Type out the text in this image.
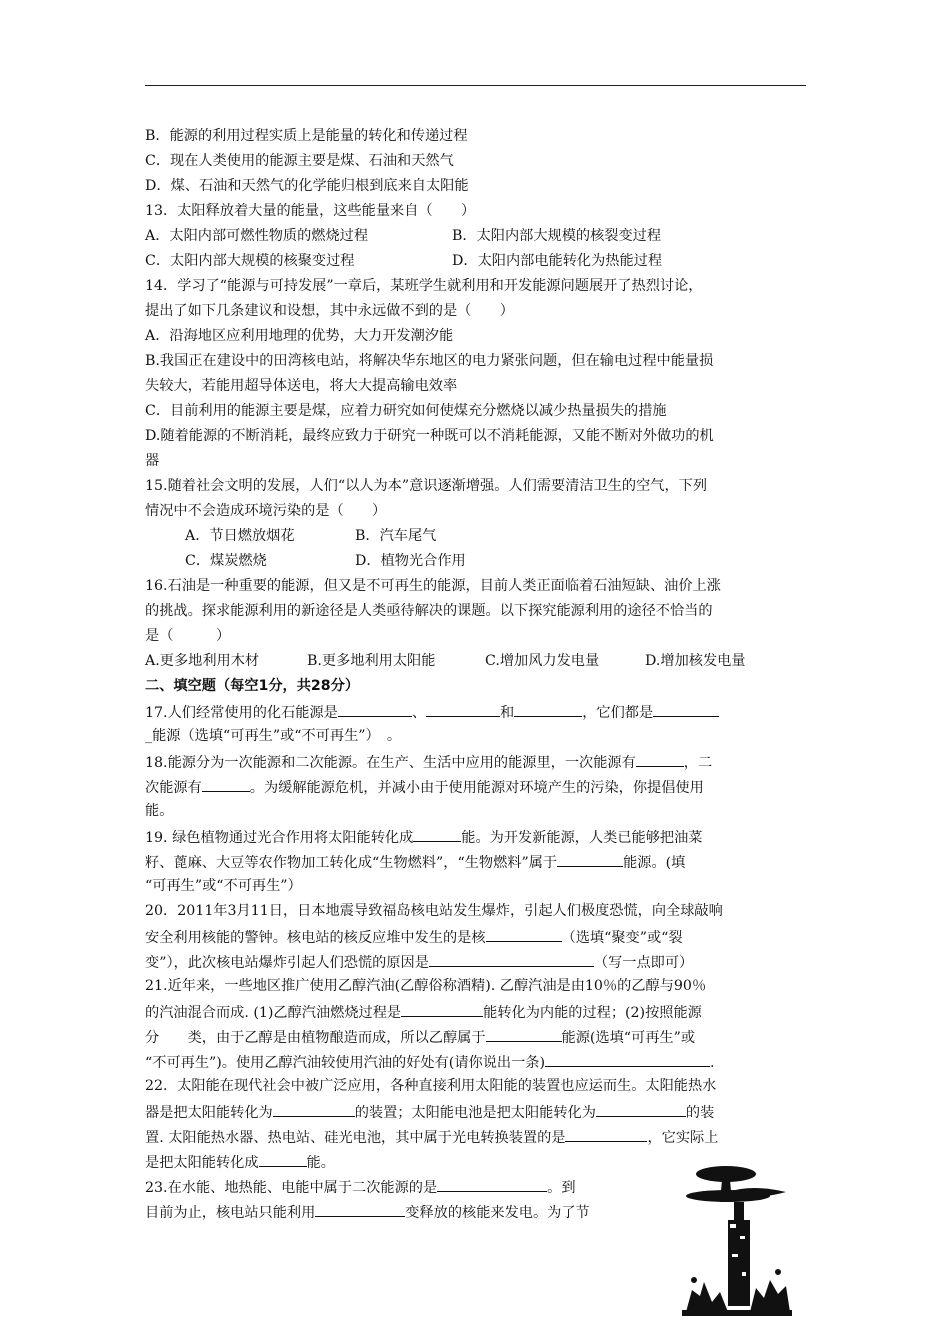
B．能源的利用过程实质上是能量的转化和传递过程
C．现在人类使用的能源主要是煤、石油和天然气
D．煤、石油和天然气的化学能归根到底来自太阳能
13．太阳释放着大量的能量，这些能量来自（　　）
A．太阳内部可燃性物质的燃烧过程	B．太阳内部大规模的核裂变过程
C．太阳内部大规模的核聚变过程	D．太阳内部电能转化为热能过程
14．学习了“能源与可持发展”一章后，某班学生就利用和开发能源问题展开了热烈讨论，
提出了如下几条建议和设想，其中永远做不到的是（　　）
A．沿海地区应利用地理的优势，大力开发潮汐能
B.我国正在建设中的田湾核电站，将解决华东地区的电力紧张问题，但在输电过程中能量损
失较大，若能用超导体送电，将大大提高输电效率
C．目前利用的能源主要是煤，应着力研究如何使煤充分燃烧以减少热量损失的措施
D.随着能源的不断消耗，最终应致力于研究一种既可以不消耗能源，又能不断对外做功的机
器
15.随着社会文明的发展，人们“以人为本”意识逐渐增强。人们需要清洁卫生的空气，下列
情况中不会造成环境污染的是（　　）
A．节日燃放烟花	B．汽车尾气
C．煤炭燃烧	D．植物光合作用
16.石油是一种重要的能源，但又是不可再生的能源，目前人类正面临着石油短缺、油价上涨
的挑战。探求能源利用的新途径是人类亟待解决的课题。以下探究能源利用的途径不恰当的
是（　　　）
A.更多地利用木材	B.更多地利用太阳能	C.增加风力发电量	D.增加核发电量
二、填空题（每空1分，共28分）
17.人们经常使用的化石能源是	、	和	，它们都是
_能源（选填“可再生”或“不可再生”）　。
18.能源分为一次能源和二次能源。在生产、生活中应用的能源里，一次能源有	，二
次能源有	。为缓解能源危机，并减小由于使用能源对环境产生的污染，你提倡使用
能。
19. 绿色植物通过光合作用将太阳能转化成	能。为开发新能源，人类已能够把油菜
籽、蓖麻、大豆等农作物加工转化成“生物燃料”，“生物燃料”属于	能源。(填
“可再生”或“不可再生”）
20．2011年3月11日，日本地震导致福岛核电站发生爆炸，引起人们极度恐慌，向全球敲响
安全利用核能的警钟。核电站的核反应堆中发生的是核	（选填“聚变”或“裂
变”），此次核电站爆炸引起人们恐慌的原因是	（写一点即可）
21.近年来，一些地区推广使用乙醇汽油(乙醇俗称酒精). 乙醇汽油是由10％的乙醇与90％
的汽油混合而成. (1)乙醇汽油燃烧过程是	能转化为内能的过程；(2)按照能源
分　　类，由于乙醇是由植物酿造而成，所以乙醇属于	能源(选填“可再生”或
“不可再生”)。使用乙醇汽油较使用汽油的好处有(请你说出一条)	.
22．太阳能在现代社会中被广泛应用，各种直接利用太阳能的装置也应运而生。太阳能热水
器是把太阳能转化为	的装置；太阳能电池是把太阳能转化为	的装
置. 太阳能热水器、热电站、硅光电池，其中属于光电转换装置的是	，它实际上
是把太阳能转化成	能。
23.在水能、地热能、电能中属于二次能源的是	。到
目前为止，核电站只能利用	变释放的核能来发电。为了节
